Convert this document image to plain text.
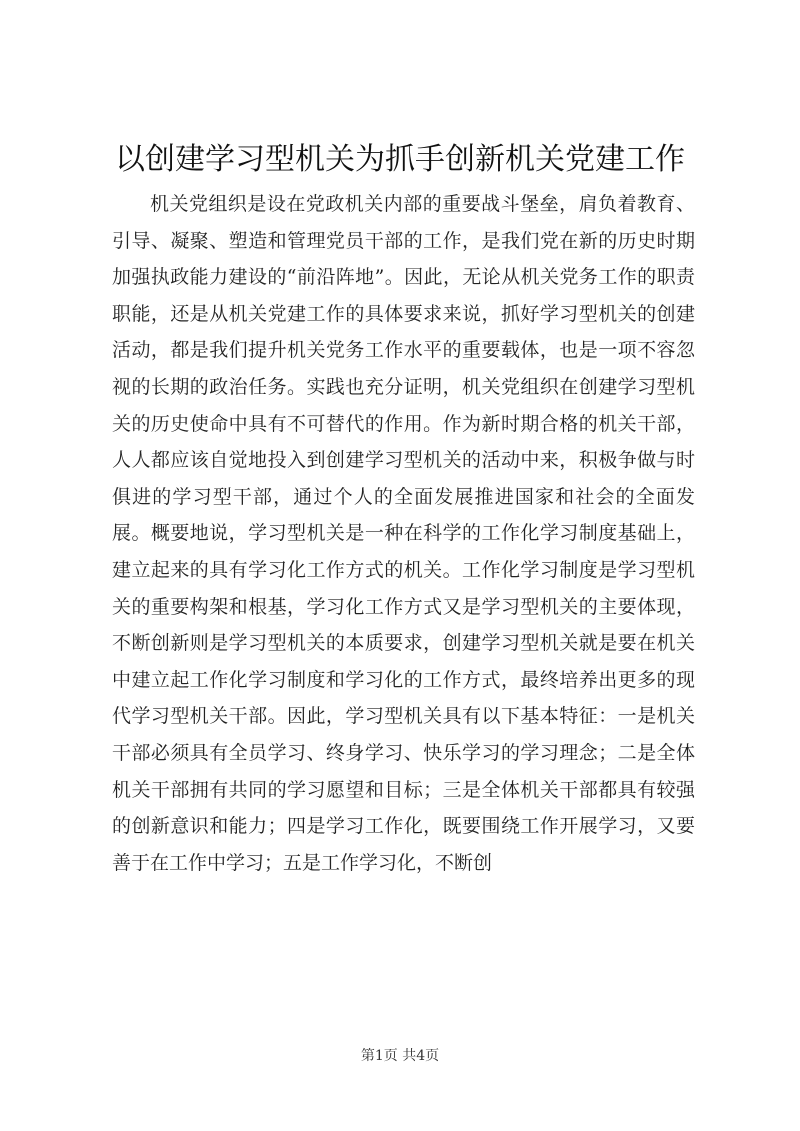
以创建学习型机关为抓手创新机关党建工作

机关党组织是设在党政机关内部的重要战斗堡垒，肩负着教育、引导、凝聚、塑造和管理党员干部的工作，是我们党在新的历史时期加强执政能力建设的“前沿阵地”。因此，无论从机关党务工作的职责职能，还是从机关党建工作的具体要求来说，抓好学习型机关的创建活动，都是我们提升机关党务工作水平的重要载体，也是一项不容忽视的长期的政治任务。实践也充分证明，机关党组织在创建学习型机关的历史使命中具有不可替代的作用。作为新时期合格的机关干部，人人都应该自觉地投入到创建学习型机关的活动中来，积极争做与时俱进的学习型干部，通过个人的全面发展推进国家和社会的全面发展。概要地说，学习型机关是一种在科学的工作化学习制度基础上，建立起来的具有学习化工作方式的机关。工作化学习制度是学习型机关的重要构架和根基，学习化工作方式又是学习型机关的主要体现，不断创新则是学习型机关的本质要求，创建学习型机关就是要在机关中建立起工作化学习制度和学习化的工作方式，最终培养出更多的现代学习型机关干部。因此，学习型机关具有以下基本特征：一是机关干部必须具有全员学习、终身学习、快乐学习的学习理念；二是全体机关干部拥有共同的学习愿望和目标；三是全体机关干部都具有较强的创新意识和能力；四是学习工作化，既要围绕工作开展学习，又要善于在工作中学习；五是工作学习化，不断创

第1页 共4页
